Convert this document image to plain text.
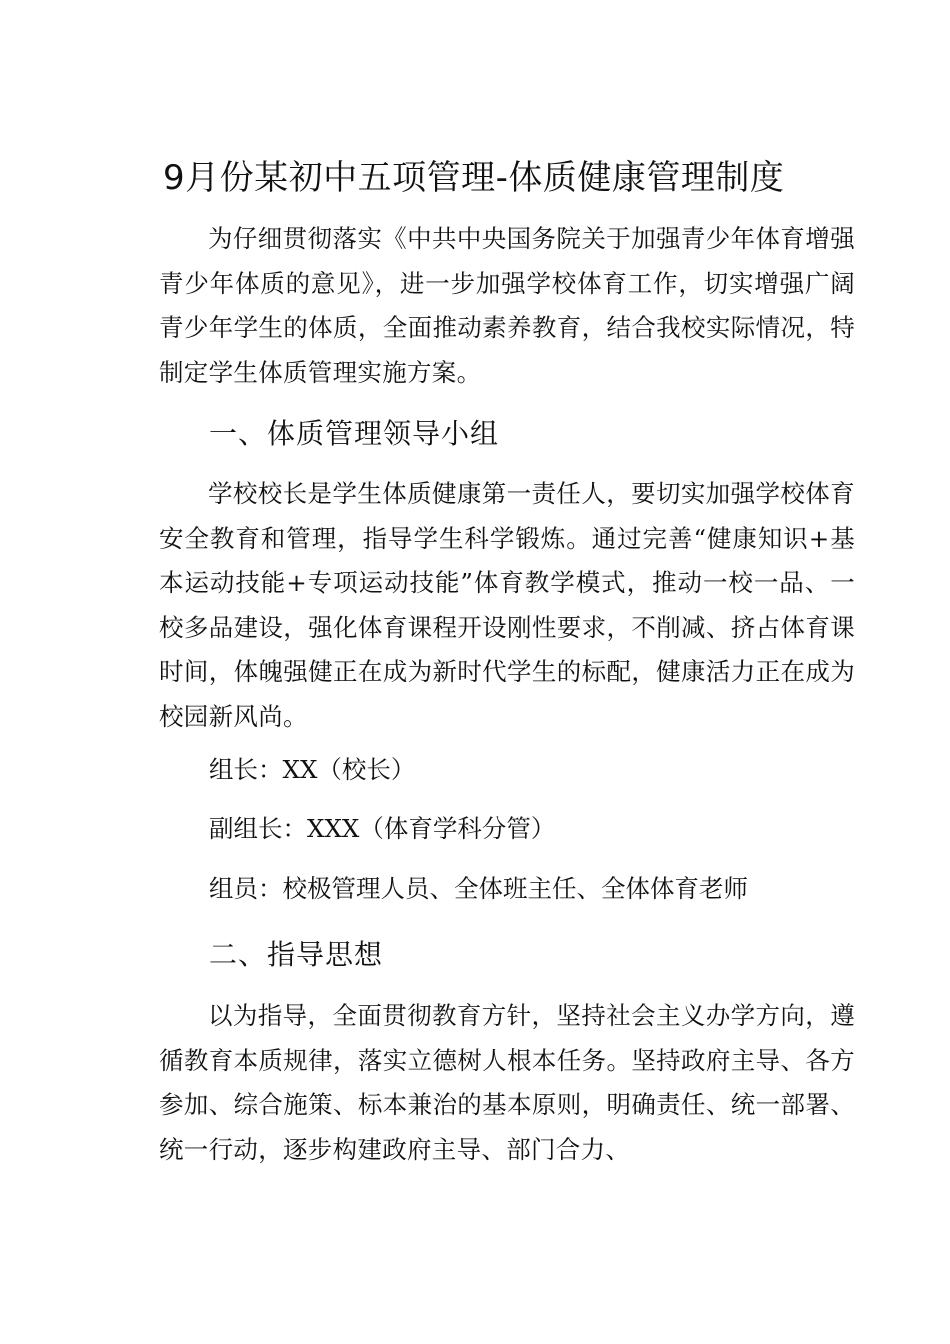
9月份某初中五项管理-体质健康管理制度

为仔细贯彻落实《中共中央国务院关于加强青少年体育增强青少年体质的意见》，进一步加强学校体育工作，切实增强广阔青少年学生的体质，全面推动素养教育，结合我校实际情况，特制定学生体质管理实施方案。

一、体质管理领导小组

学校校长是学生体质健康第一责任人，要切实加强学校体育安全教育和管理，指导学生科学锻炼。通过完善“健康知识+基本运动技能+专项运动技能”体育教学模式，推动一校一品、一校多品建设，强化体育课程开设刚性要求，不削减、挤占体育课时间，体魄强健正在成为新时代学生的标配，健康活力正在成为校园新风尚。

组长：XX（校长）

副组长：XXX（体育学科分管）

组员：校极管理人员、全体班主任、全体体育老师

二、指导思想

以为指导，全面贯彻教育方针，坚持社会主义办学方向，遵循教育本质规律，落实立德树人根本任务。坚持政府主导、各方参加、综合施策、标本兼治的基本原则，明确责任、统一部署、统一行动，逐步构建政府主导、部门合力、
